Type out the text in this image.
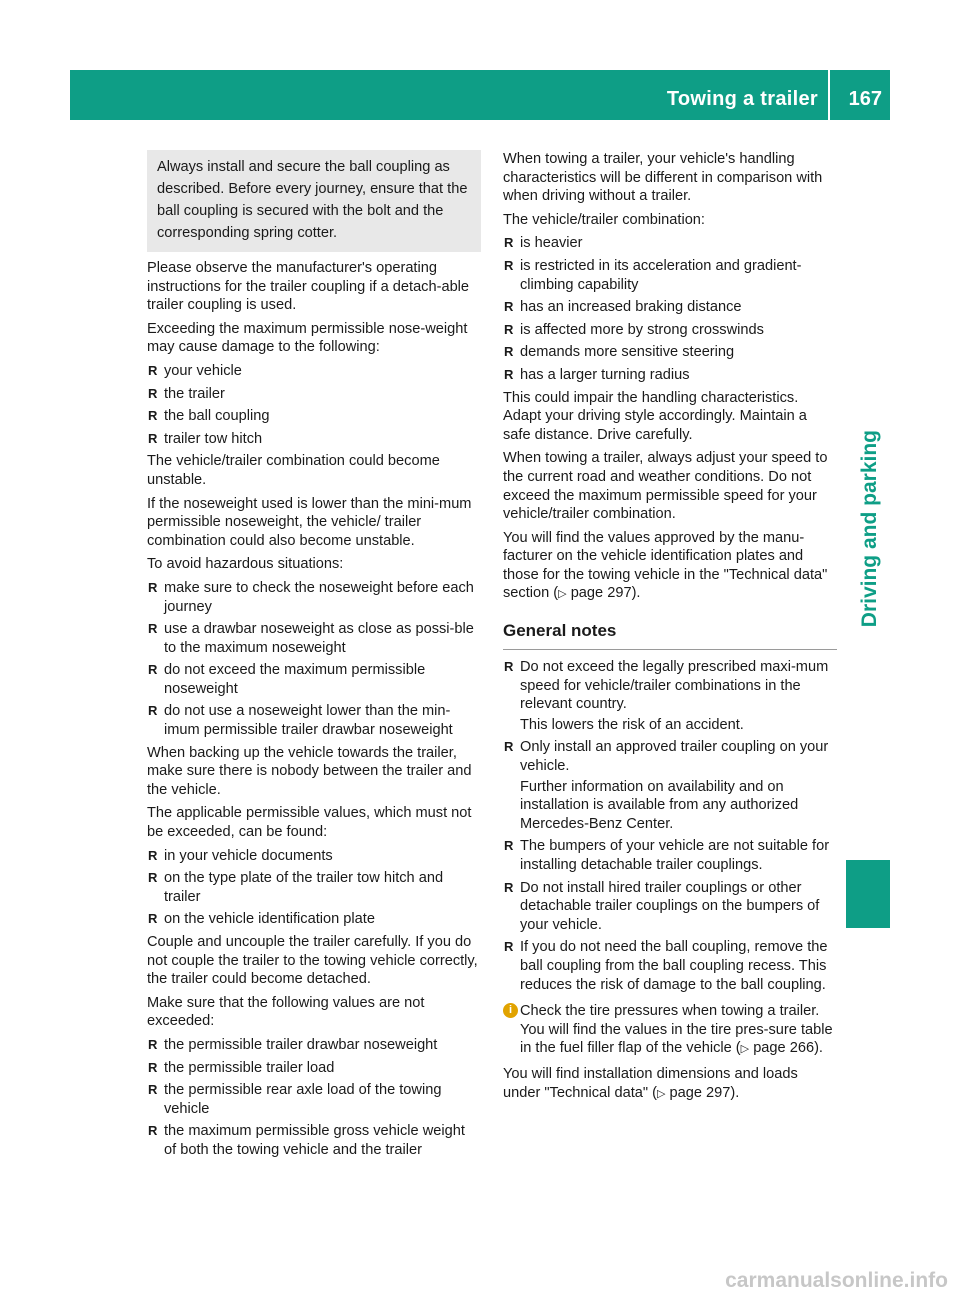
Towing a trailer 167
Driving and parking
Always install and secure the ball coupling as described. Before every journey, ensure that the ball coupling is secured with the bolt and the corresponding spring cotter.

Please observe the manufacturer's operating instructions for the trailer coupling if a detach-able trailer coupling is used.

Exceeding the maximum permissible nose-weight may cause damage to the following:

R your vehicle
R the trailer
R the ball coupling
R trailer tow hitch

The vehicle/trailer combination could become unstable.

If the noseweight used is lower than the mini-mum permissible noseweight, the vehicle/ trailer combination could also become unstable.

To avoid hazardous situations:

R make sure to check the noseweight before each journey
R use a drawbar noseweight as close as possi-ble to the maximum noseweight
R do not exceed the maximum permissible noseweight
R do not use a noseweight lower than the min-imum permissible trailer drawbar noseweight

When backing up the vehicle towards the trailer, make sure there is nobody between the trailer and the vehicle.

The applicable permissible values, which must not be exceeded, can be found:

R in your vehicle documents
R on the type plate of the trailer tow hitch and trailer
R on the vehicle identification plate

Couple and uncouple the trailer carefully. If you do not couple the trailer to the towing vehicle correctly, the trailer could become detached.

Make sure that the following values are not exceeded:

R the permissible trailer drawbar noseweight
R the permissible trailer load
R the permissible rear axle load of the towing vehicle
R the maximum permissible gross vehicle weight of both the towing vehicle and the trailer

When towing a trailer, your vehicle's handling characteristics will be different in comparison with when driving without a trailer.

The vehicle/trailer combination:

R is heavier
R is restricted in its acceleration and gradient-climbing capability
R has an increased braking distance
R is affected more by strong crosswinds
R demands more sensitive steering
R has a larger turning radius

This could impair the handling characteristics. Adapt your driving style accordingly. Maintain a safe distance. Drive carefully.

When towing a trailer, always adjust your speed to the current road and weather conditions. Do not exceed the maximum permissible speed for your vehicle/trailer combination.

You will find the values approved by the manu-facturer on the vehicle identification plates and those for the towing vehicle in the "Technical data" section (▷ page 297).

General notes
R Do not exceed the legally prescribed maxi-mum speed for vehicle/trailer combinations in the relevant country.
This lowers the risk of an accident.
R Only install an approved trailer coupling on your vehicle.
Further information on availability and on installation is available from any authorized Mercedes-Benz Center.
R The bumpers of your vehicle are not suitable for installing detachable trailer couplings.
R Do not install hired trailer couplings or other detachable trailer couplings on the bumpers of your vehicle.
R If you do not need the ball coupling, remove the ball coupling from the ball coupling recess. This reduces the risk of damage to the ball coupling.
i Check the tire pressures when towing a trailer. You will find the values in the tire pres-sure table in the fuel filler flap of the vehicle (▷ page 266).

You will find installation dimensions and loads under "Technical data" (▷ page 297).

carmanualsonline.info
